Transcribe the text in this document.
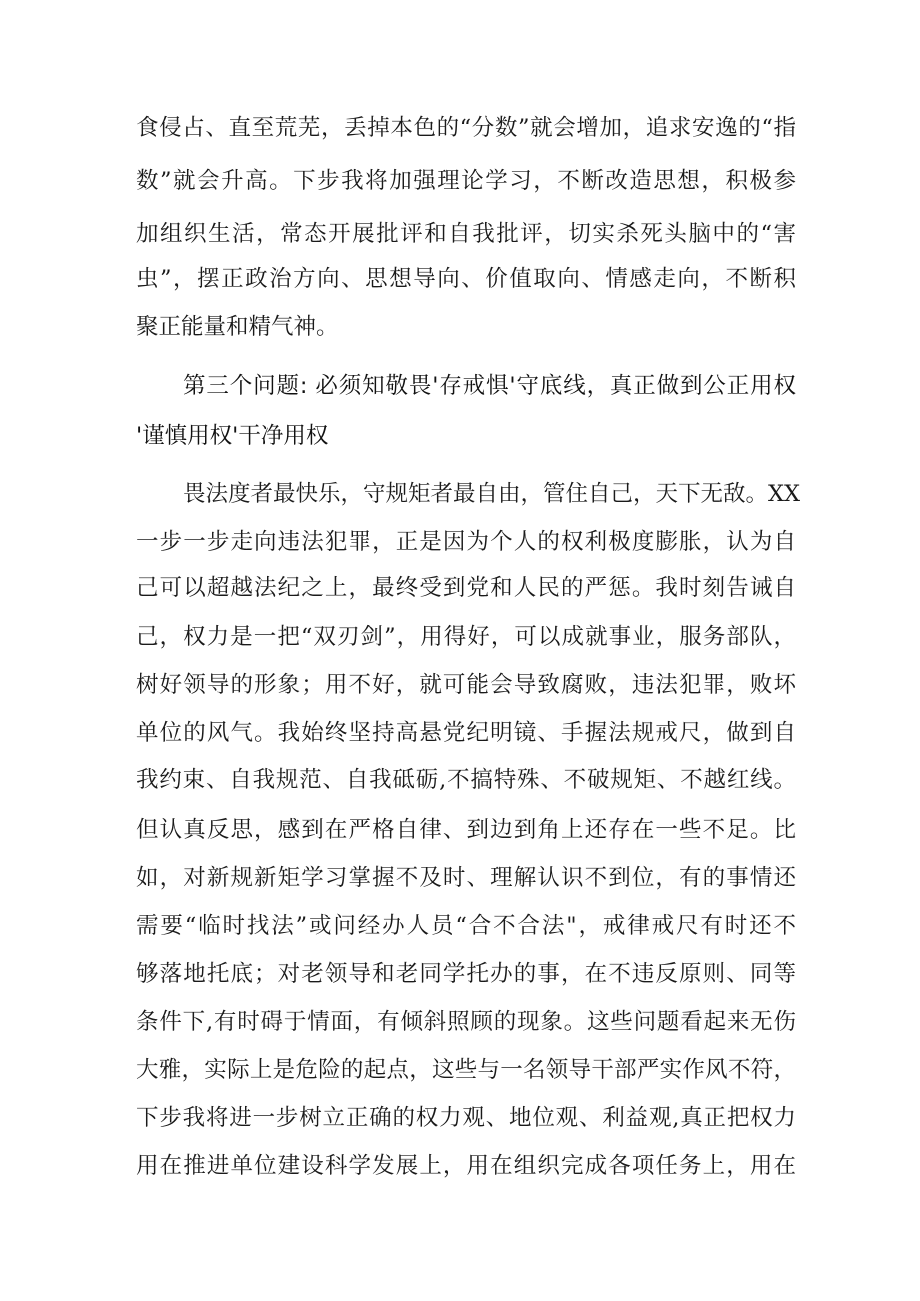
食侵占、直至荒芜，丢掉本色的“分数”就会增加，追求安逸的“指
数”就会升高。下步我将加强理论学习，不断改造思想，积极参
加组织生活，常态开展批评和自我批评，切实杀死头脑中的“害
虫”，摆正政治方向、思想导向、价值取向、情感走向，不断积
聚正能量和精气神。
第三个问题: 必须知敬畏'存戒惧'守底线，真正做到公正用权
'谨慎用权'干净用权
畏法度者最快乐，守规矩者最自由，管住自己，天下无敌。XX
一步一步走向违法犯罪，正是因为个人的权利极度膨胀，认为自
己可以超越法纪之上，最终受到党和人民的严惩。我时刻告诫自
己，权力是一把“双刃剑”，用得好，可以成就事业，服务部队，
树好领导的形象；用不好，就可能会导致腐败，违法犯罪，败坏
单位的风气。我始终坚持高悬党纪明镜、手握法规戒尺，做到自
我约束、自我规范、自我砥砺,不搞特殊、不破规矩、不越红线。
但认真反思，感到在严格自律、到边到角上还存在一些不足。比
如，对新规新矩学习掌握不及时、理解认识不到位，有的事情还
需要“临时找法”或问经办人员“合不合法"，戒律戒尺有时还不
够落地托底；对老领导和老同学托办的事，在不违反原则、同等
条件下,有时碍于情面，有倾斜照顾的现象。这些问题看起来无伤
大雅，实际上是危险的起点，这些与一名领导干部严实作风不符，
下步我将进一步树立正确的权力观、地位观、利益观,真正把权力
用在推进单位建设科学发展上，用在组织完成各项任务上，用在
